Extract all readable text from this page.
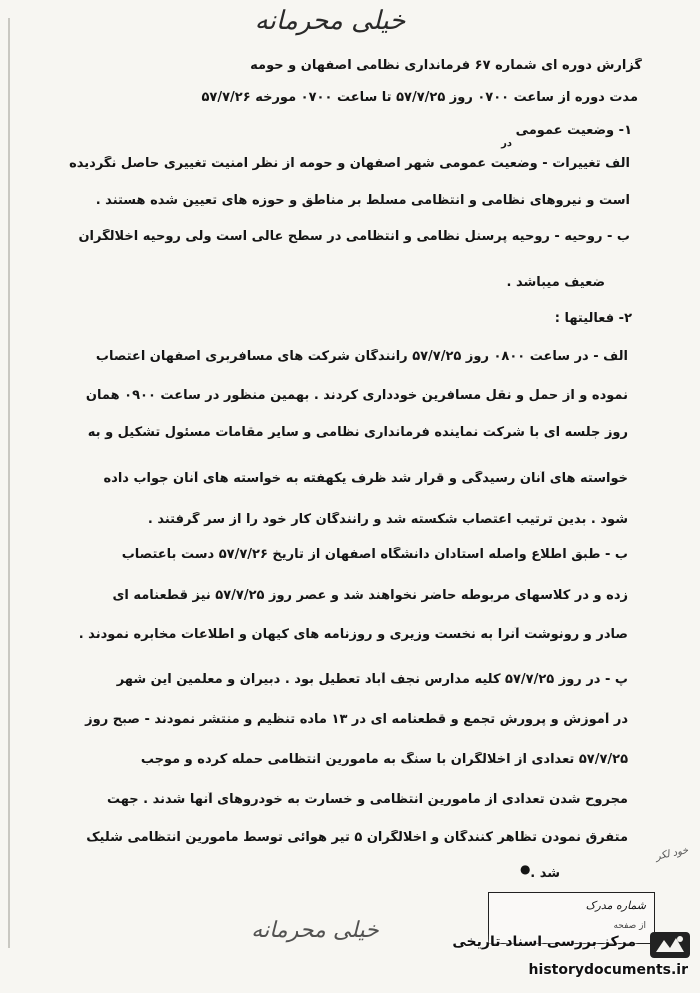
خیلی محرمانه
گزارش دوره ای شماره ۶۷ فرمانداری نظامی اصفهان و حومه
مدت دوره از ساعت ۰۷۰۰ روز ۵۷/۷/۲۵ تا ساعت ۰۷۰۰ مورخه ۵۷/۷/۲۶
۱- وضعیت عمومی
در
الف تغییرات - وضعیت عمومی شهر اصفهان و حومه از نظر امنیت تغییری حاصل نگردیده
است و نیروهای نظامی و انتظامی مسلط بر مناطق و حوزه های تعیین شده هستند .
ب - روحیه - روحیه پرسنل نظامی و انتظامی در سطح عالی است ولی روحیه اخلالگران
ضعیف میباشد .
۲- فعالیتها :
الف - در ساعت ۰۸۰۰ روز ۵۷/۷/۲۵ رانندگان شرکت های مسافربری اصفهان اعتصاب
نموده و از حمل و نقل مسافرین خودداری کردند . بهمین منظور در ساعت ۰۹۰۰ همان
روز جلسه ای با شرکت نماینده فرمانداری نظامی و سایر مقامات مسئول تشکیل و به
خواسته های آنان رسیدگی و قرار شد ظرف یکهفته به خواسته های آنان جواب داده
شود . بدین ترتیب اعتصاب شکسته شد و رانندگان کار خود را از سر گرفتند .
ب - طبق اطلاع واصله استادان دانشگاه اصفهان از تاریخ ۵۷/۷/۲۶ دست باعتصاب
زده و در کلاسهای مربوطه حاضر نخواهند شد و عصر روز ۵۷/۷/۲۵ نیز قطعنامه ای
صادر و رونوشت آنرا به نخست وزیری و روزنامه های کیهان و اطلاعات مخابره نمودند .
پ - در روز ۵۷/۷/۲۵ کلیه مدارس نجف آباد تعطیل بود . دبیران و معلمین این شهر
در آموزش و پرورش تجمع و قطعنامه ای در ۱۳ ماده تنظیم و منتشر نمودند - صبح روز
۵۷/۷/۲۵ تعدادی از اخلالگران با سنگ به مامورین انتظامی حمله کرده و موجب
مجروح شدن تعدادی از مامورین انتظامی و خسارت به خودروهای آنها شدند . جهت
متفرق نمودن تظاهر کنندگان و اخلالگران ۵ تیر هوائی توسط مامورین انتظامی شلیک
شد .
●
خود لکر
شماره مدرک
از صفحه
خیلی محرمانه	مرکز بررسی اسناد تاریخی
historydocuments.ir
